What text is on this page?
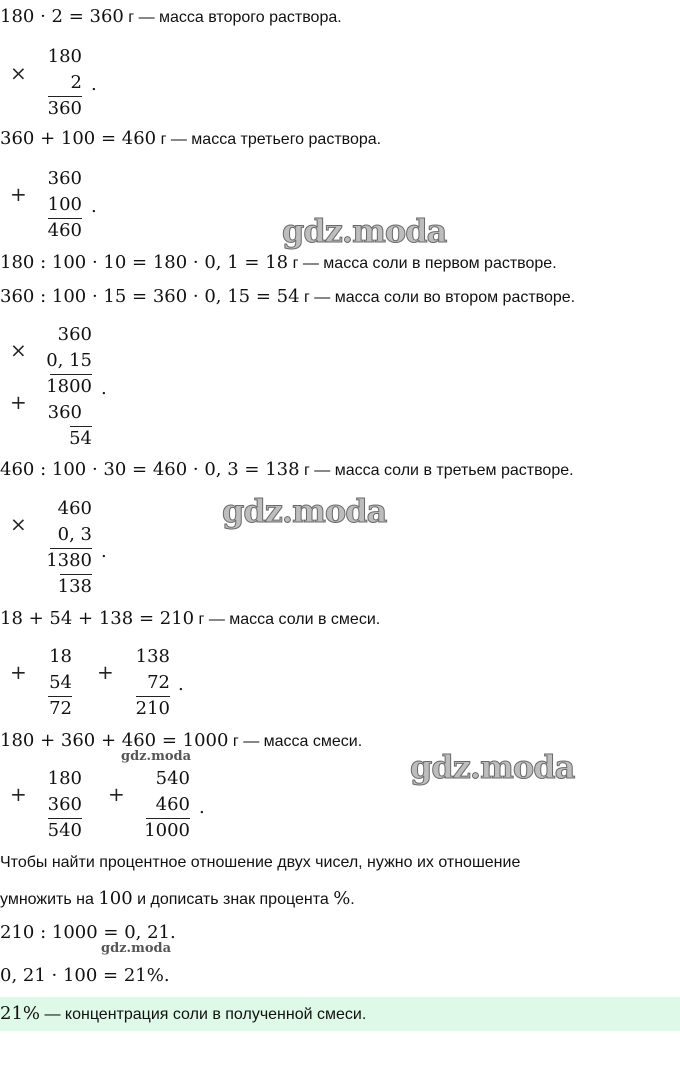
180 · 2 = 360 г — масса второго раствора.
×
180
2
360
.
360 + 100 = 460 г — масса третьего раствора.
+
360
100
460
.
gdz.moda
180 : 100 · 10 = 180 · 0, 1 = 18 г — масса соли в первом растворе.
360 : 100 · 15 = 360 · 0, 15 = 54 г — масса соли во втором растворе.
×
360
0, 15
1800
+	360
54
.
460 : 100 · 30 = 460 · 0, 3 = 138 г — масса соли в третьем растворе.
×
460
0, 3
1380
138
.
gdz.moda
18 + 54 + 138 = 210 г — масса соли в смеси.
+
18
54
72
+
138
72
210
.
180 + 360 + 460 = 1000 г — масса смеси.
gdz.moda
+
180
360
540
+
540
460
1000
.
gdz.moda
Чтобы найти процентное отношение двух чисел, нужно их отношение
умножить на 100 и дописать знак процента %.
210 : 1000 = 0, 21.
gdz.moda
0, 21 · 100 = 21%.
21% — концентрация соли в полученной смеси.
